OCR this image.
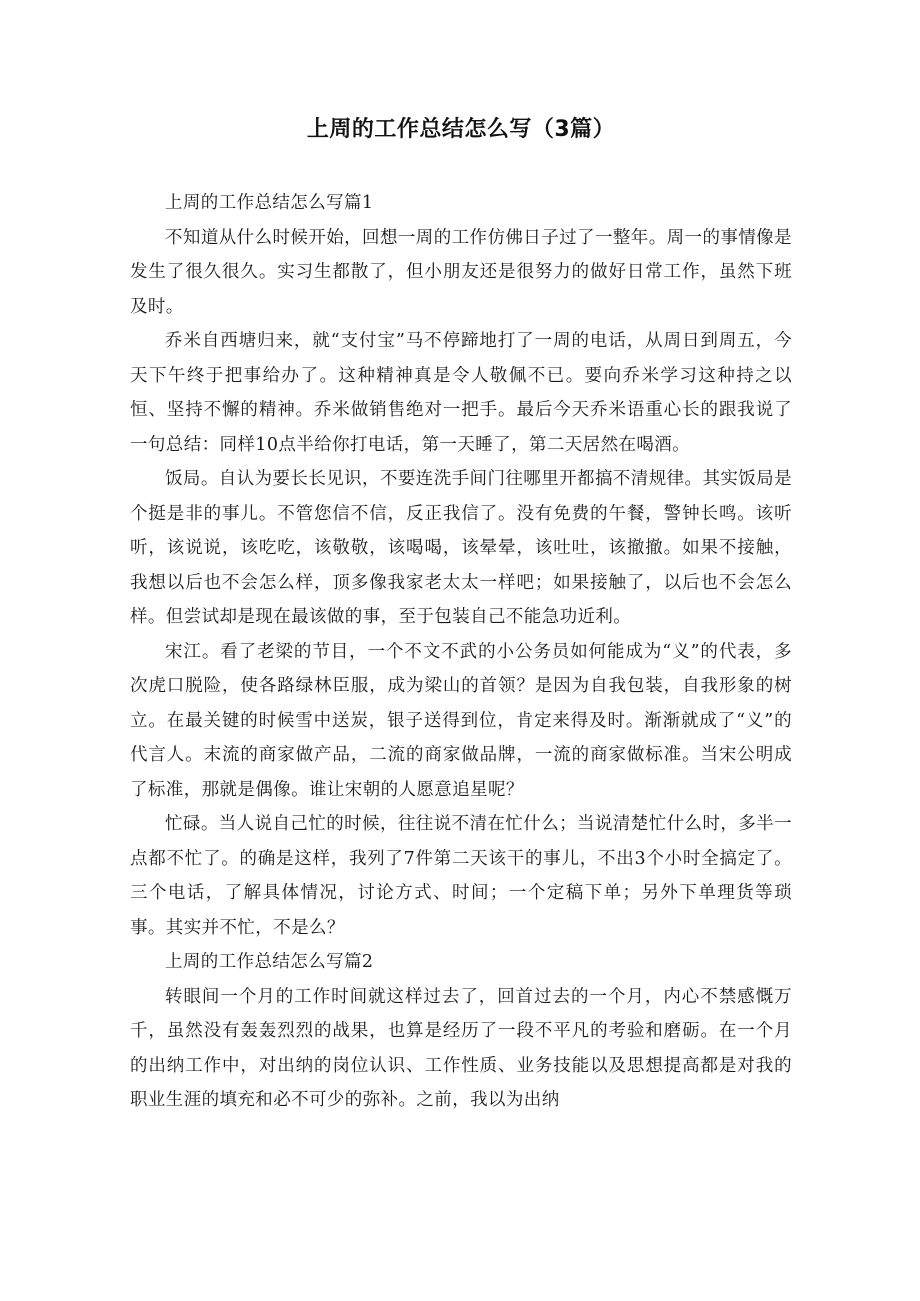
上周的工作总结怎么写（3篇）

上周的工作总结怎么写篇1

不知道从什么时候开始，回想一周的工作仿佛日子过了一整年。周一的事情像是发生了很久很久。实习生都散了，但小朋友还是很努力的做好日常工作，虽然下班及时。

乔米自西塘归来，就“支付宝”马不停蹄地打了一周的电话，从周日到周五，今天下午终于把事给办了。这种精神真是令人敬佩不已。要向乔米学习这种持之以恒、坚持不懈的精神。乔米做销售绝对一把手。最后今天乔米语重心长的跟我说了一句总结：同样10点半给你打电话，第一天睡了，第二天居然在喝酒。

饭局。自认为要长长见识，不要连洗手间门往哪里开都搞不清规律。其实饭局是个挺是非的事儿。不管您信不信，反正我信了。没有免费的午餐，警钟长鸣。该听听，该说说，该吃吃，该敬敬，该喝喝，该晕晕，该吐吐，该撤撤。如果不接触，我想以后也不会怎么样，顶多像我家老太太一样吧；如果接触了，以后也不会怎么样。但尝试却是现在最该做的事，至于包装自己不能急功近利。

宋江。看了老梁的节目，一个不文不武的小公务员如何能成为“义”的代表，多次虎口脱险，使各路绿林臣服，成为梁山的首领？是因为自我包装，自我形象的树立。在最关键的时候雪中送炭，银子送得到位，肯定来得及时。渐渐就成了“义”的代言人。末流的商家做产品，二流的商家做品牌，一流的商家做标准。当宋公明成了标准，那就是偶像。谁让宋朝的人愿意追星呢？

忙碌。当人说自己忙的时候，往往说不清在忙什么；当说清楚忙什么时，多半一点都不忙了。的确是这样，我列了7件第二天该干的事儿，不出3个小时全搞定了。三个电话，了解具体情况，讨论方式、时间；一个定稿下单；另外下单理货等琐事。其实并不忙，不是么？

上周的工作总结怎么写篇2

转眼间一个月的工作时间就这样过去了，回首过去的一个月，内心不禁感慨万千，虽然没有轰轰烈烈的战果，也算是经历了一段不平凡的考验和磨砺。在一个月的出纳工作中，对出纳的岗位认识、工作性质、业务技能以及思想提高都是对我的职业生涯的填充和必不可少的弥补。之前，我以为出纳
